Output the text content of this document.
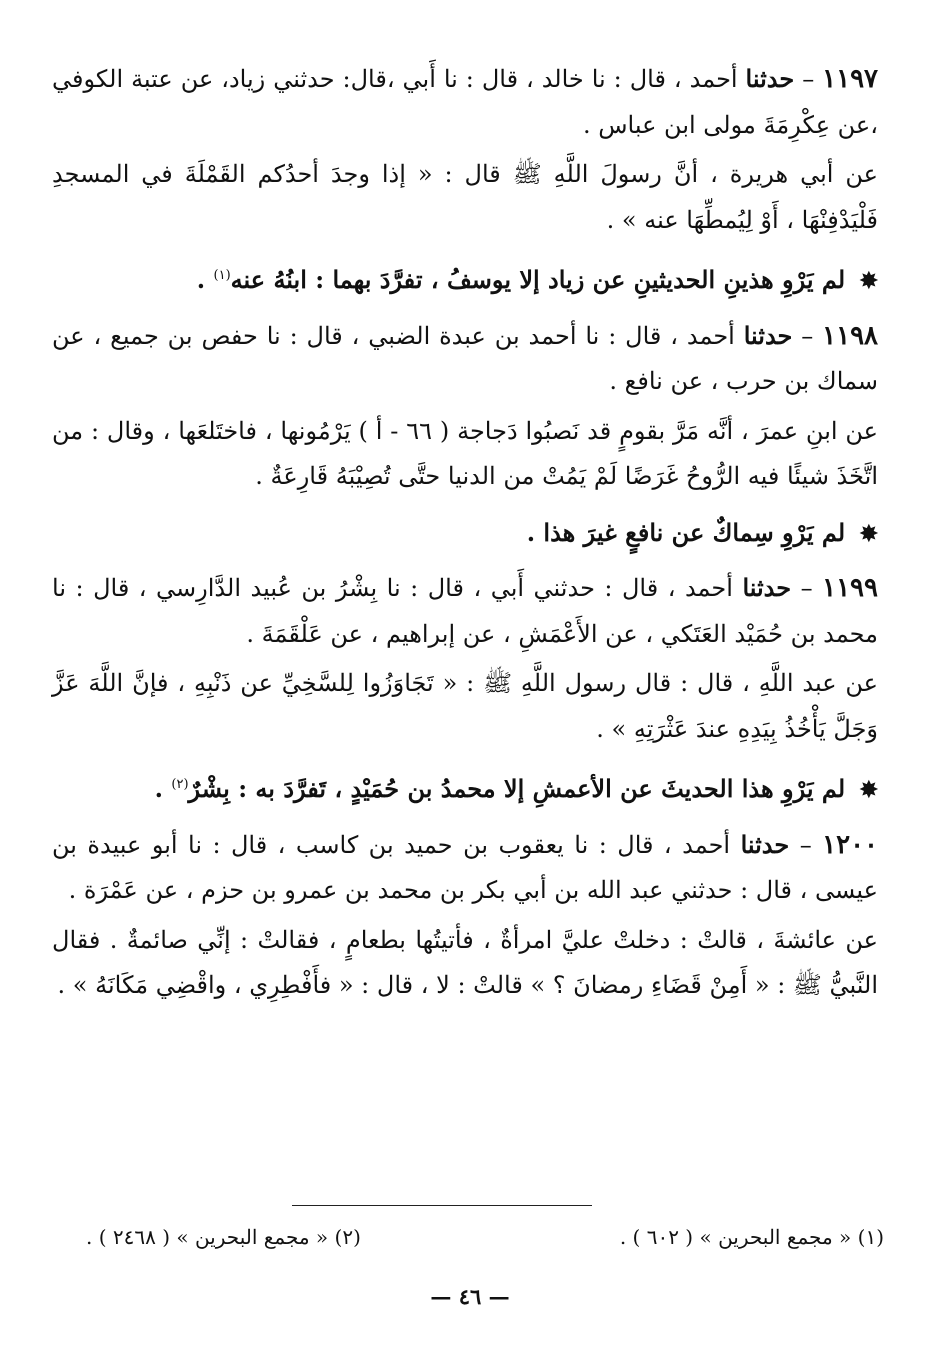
١١٩٧ – حدثنا أحمد ، قال : نا خالد ، قال : نا أَبي ،قال: حدثني زياد، عن عتبة الكوفي ،عن عِكْرِمَةَ مولى ابن عباس .

عن أبي هريرة ، أنَّ رسولَ اللَّهِ ﷺ قال : « إذا وجدَ أحدُكم القَمْلَةَ في المسجدِ فَلْيَدْفِنْهَا ، أَوْ لِيُمطِّهَا عنه » .

✸ لم يَرْوِ هذينِ الحديثينِ عن زياد إلا يوسفُ ، تفرَّدَ بهما : ابنُهُ عنه$^{(١)}$ .

١١٩٨ – حدثنا أحمد ، قال : نا أحمد بن عبدة الضبي ، قال : نا حفص بن جميع ، عن سماك بن حرب ، عن نافع .

عن ابنِ عمرَ ، أنَّه مَرَّ بقومٍ قد نَصبُوا دَجاجة ( ٦٦ - أ ) يَرْمُونها ، فاختَلعَها ، وقال : من اتَّخَذَ شيئًا فيه الرُّوحُ غَرَضًا لَمْ يَمُتْ من الدنيا حتَّى تُصِيْبَهُ قَارِعَةٌ .

✸ لم يَرْوِ سِماكٌ عن نافعٍ غيرَ هذا .

١١٩٩ – حدثنا أحمد ، قال : حدثني أَبي ، قال : نا بِشْرُ بن عُبيد الدَّارِسي ، قال : نا محمد بن حُمَيْد العَتَكي ، عن الأَعْمَشِ ، عن إبراهيم ، عن عَلْقَمَةَ .

عن عبد اللَّهِ ، قال : قال رسول اللَّهِ ﷺ : « تَجَاوَزُوا لِلسَّخِيِّ عن ذَنْبِهِ ، فإنَّ اللَّهَ عَزَّ وَجَلَّ يَأْخُذُ بِيَدِهِ عندَ عَثْرَتِهِ » .

✸ لم يَرْوِ هذا الحديثَ عن الأعمشِ إلا محمدُ بن حُمَيْدٍ ، تَفرَّدَ به : بِشْرٌ$^{(٢)}$ .

١٢٠٠ – حدثنا أحمد ، قال : نا يعقوب بن حميد بن كاسب ، قال : نا أبو عبيدة بن عيسى ، قال : حدثني عبد الله بن أبي بكر بن محمد بن عمرو بن حزم ، عن عَمْرَة .

عن عائشةَ ، قالتْ : دخلتْ عليَّ امرأةٌ ، فأتيتُها بطعامٍ ، فقالتْ : إنِّي صائمةٌ . فقال النَّبيُّ ﷺ : « أَمِنْ قَضَاءِ رمضانَ ؟ » قالتْ : لا ، قال : « فأَفْطِرِي ، واقْضِي مَكَانَهُ » .

(١) « مجمع البحرين » ( ٦٠٢ ) .
(٢) « مجمع البحرين » ( ٢٤٦٨ ) .
— ٤٦ —
